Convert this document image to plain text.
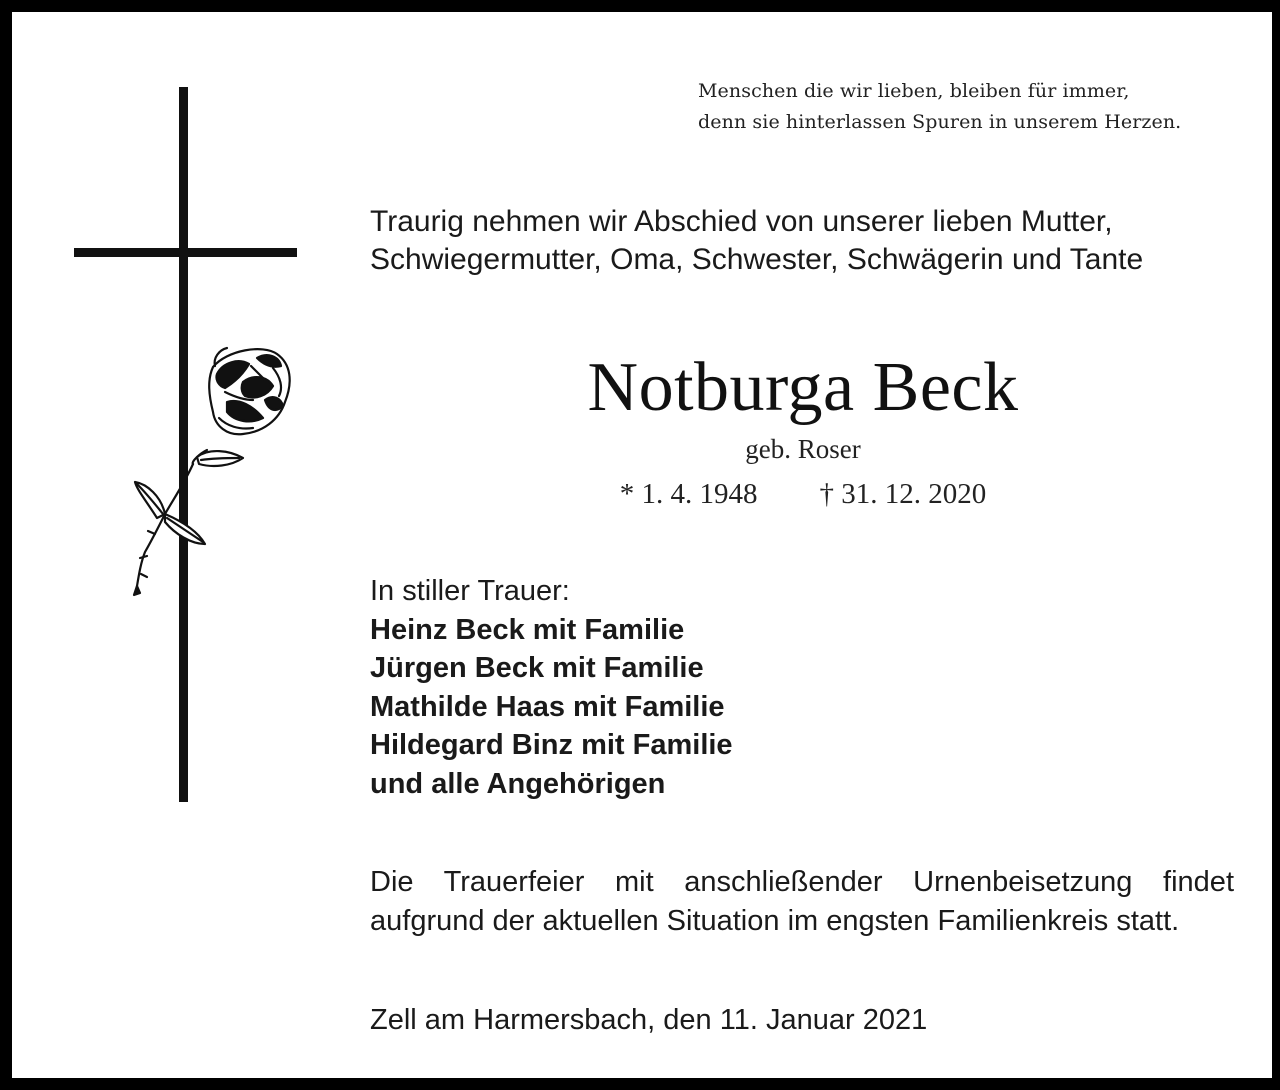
Menschen die wir lieben, bleiben für immer,
denn sie hinterlassen Spuren in unserem Herzen.
Traurig nehmen wir Abschied von unserer lieben Mutter,
Schwiegermutter, Oma, Schwester, Schwägerin und Tante
Notburga Beck
geb. Roser
* 1. 4. 1948 † 31. 12. 2020
In stiller Trauer:
Heinz Beck mit Familie
Jürgen Beck mit Familie
Mathilde Haas mit Familie
Hildegard Binz mit Familie
und alle Angehörigen
Die Trauerfeier mit anschließender Urnenbeisetzung findet
aufgrund der aktuellen Situation im engsten Familienkreis statt.
Zell am Harmersbach, den 11. Januar 2021
